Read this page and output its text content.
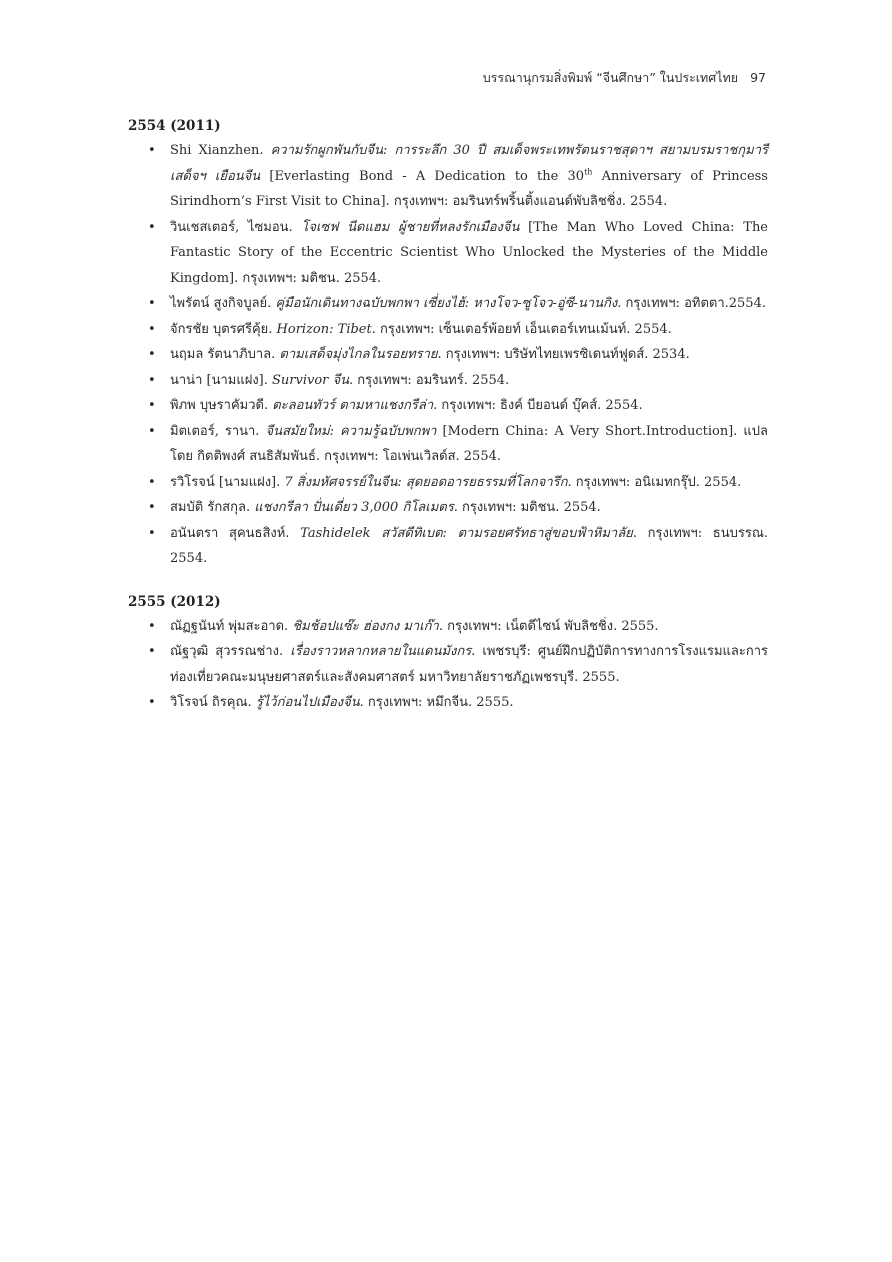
บรรณานุกรมสิ่งพิมพ์ “จีนศึกษา” ในประเทศไทย 97
2554 (2011)
• Shi Xianzhen. ความรักผูกพันกับจีน: การระลึก 30 ปี สมเด็จพระเทพรัตนราชสุดาฯ สยามบรมราชกุมารีเสด็จฯ เยือนจีน [Everlasting Bond - A Dedication to the 30th Anniversary of Princess Sirindhorn’s First Visit to China]. กรุงเทพฯ: อมรินทร์พริ้นติ้งแอนด์พับลิชชิ่ง. 2554.
• วินเชสเตอร์, ไซมอน. โจเซฟ นีดแฮม ผู้ชายที่หลงรักเมืองจีน [The Man Who Loved China: The Fantastic Story of the Eccentric Scientist Who Unlocked the Mysteries of the Middle Kingdom]. กรุงเทพฯ: มติชน. 2554.
• ไพรัตน์ สูงกิจบูลย์. คู่มือนักเดินทางฉบับพกพา เซี่ยงไฮ้: หางโจว-ซูโจว-อู่ซี-นานกิง. กรุงเทพฯ: อทิตตา.2554.
• จักรชัย บุตรศรีคุ้ย. Horizon: Tibet. กรุงเทพฯ: เซ็นเตอร์พ้อยท์ เอ็นเตอร์เทนเม้นท์. 2554.
• นฤมล รัตนาภิบาล. ตามเสด็จมุ่งไกลในรอยทราย. กรุงเทพฯ: บริษัทไทยเพรซิเดนท์ฟูดส์. 2534.
• นาน่า [นามแฝง]. Survivor จีน. กรุงเทพฯ: อมรินทร์. 2554.
• พิภพ บุษราคัมวดี. ตะลอนทัวร์ ตามหาแชงกรีล่า. กรุงเทพฯ: ธิงค์ บียอนด์ บุ๊คส์. 2554.
• มิตเตอร์, รานา. จีนสมัยใหม่: ความรู้ฉบับพกพา [Modern China: A Very Short.Introduction]. แปลโดย กิตติพงศ์ สนธิสัมพันธ์. กรุงเทพฯ: โอเพ่นเวิลด์ส. 2554.
• รวิโรจน์ [นามแฝง]. 7 สิ่งมหัศจรรย์ในจีน: สุดยอดอารยธรรมที่โลกจารึก. กรุงเทพฯ: อนิเมทกรุ๊ป. 2554.
• สมบัติ รักสกุล. แชงกรีลา ปั่นเดี่ยว 3,000 กิโลเมตร. กรุงเทพฯ: มติชน. 2554.
• อนันตรา สุคนธสิงห์. Tashidelek สวัสดีทิเบต: ตามรอยศรัทธาสู่ขอบฟ้าหิมาลัย. กรุงเทพฯ: ธนบรรณ. 2554.
2555 (2012)
• ณัฏฐนันท์ พุ่มสะอาด. ชิมช้อปแซ๊ะ ฮ่องกง มาเก๊า. กรุงเทพฯ: เน็ตดีไซน์ พับลิชชิ่ง. 2555.
• ณัฐวุฒิ สุวรรณช่าง. เรื่องราวหลากหลายในแดนมังกร. เพชรบุรี: ศูนย์ฝึกปฏิบัติการทางการโรงแรมและการท่องเที่ยวคณะมนุษยศาสตร์และสังคมศาสตร์ มหาวิทยาลัยราชภัฏเพชรบุรี. 2555.
• วิโรจน์ ถิรคุณ. รู้ไว้ก่อนไปเมืองจีน. กรุงเทพฯ: หมึกจีน. 2555.
